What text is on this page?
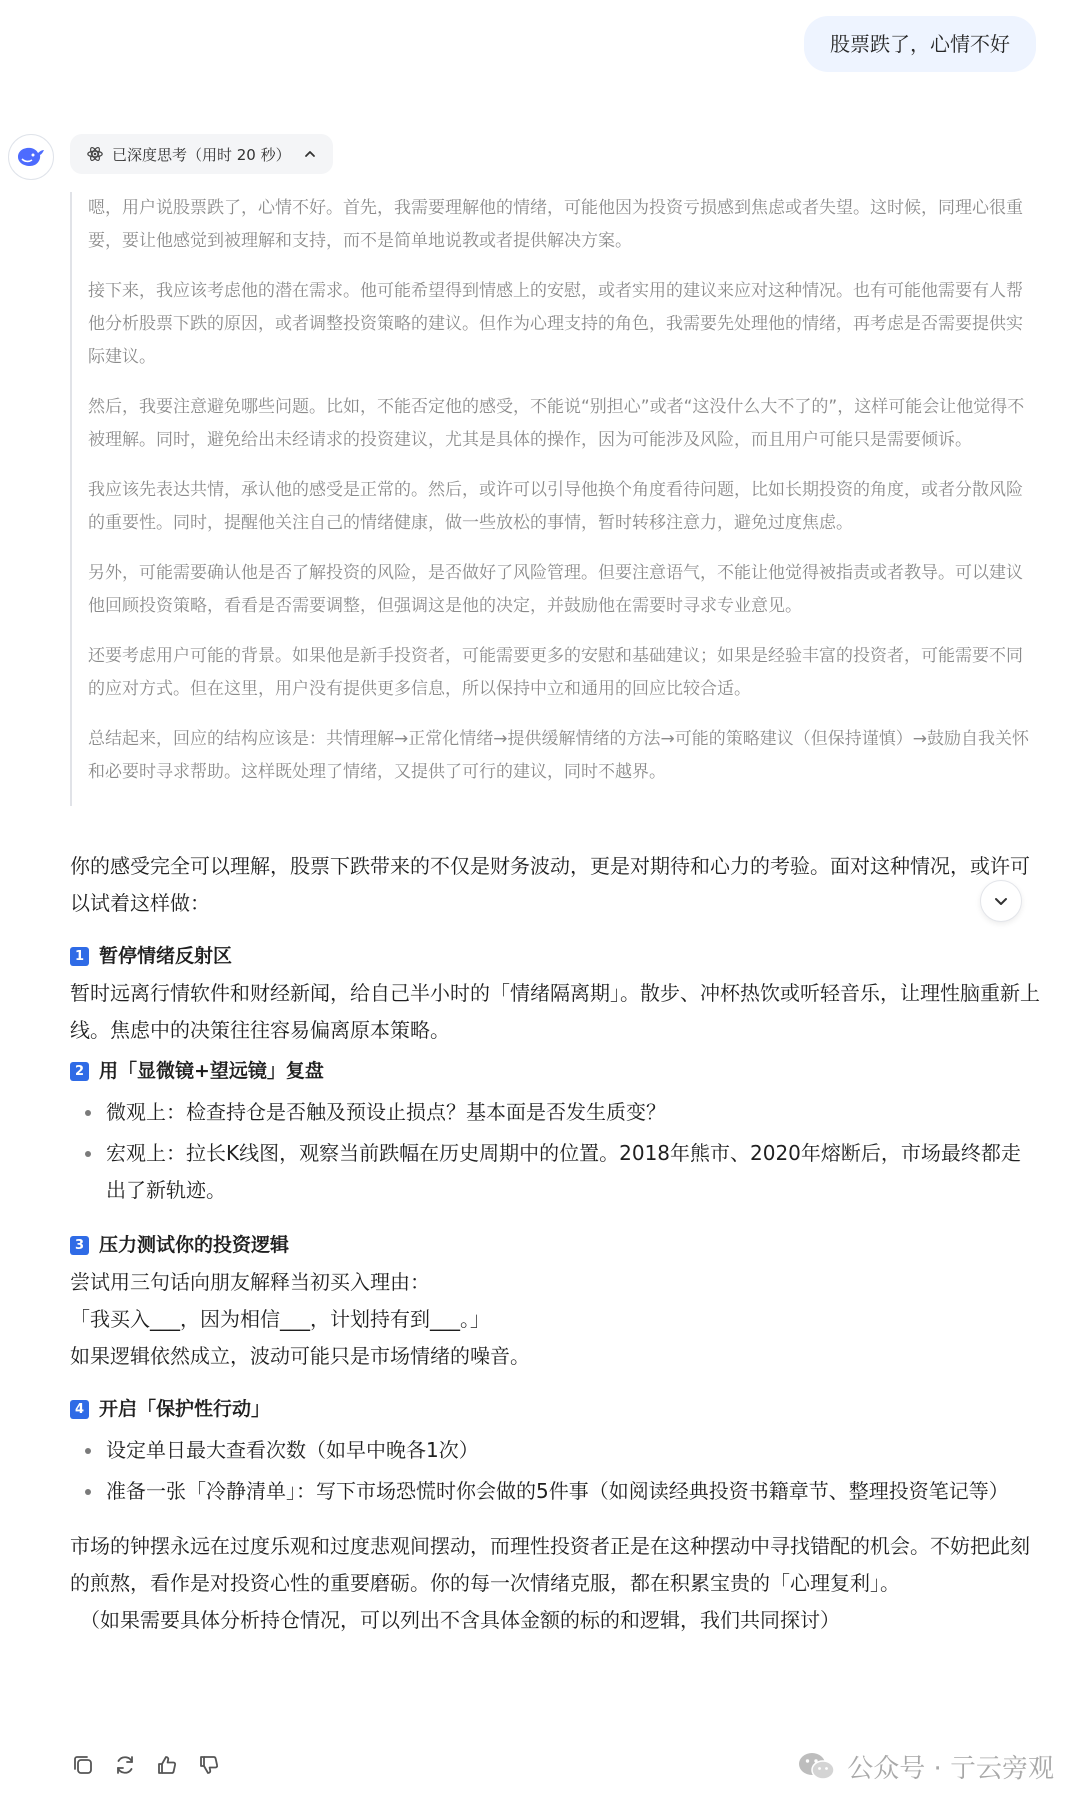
股票跌了，心情不好
已深度思考（用时 20 秒）

嗯，用户说股票跌了，心情不好。首先，我需要理解他的情绪，可能他因为投资亏损感到焦虑或者失望。这时候，同理心很重要，要让他感觉到被理解和支持，而不是简单地说教或者提供解决方案。

接下来，我应该考虑他的潜在需求。他可能希望得到情感上的安慰，或者实用的建议来应对这种情况。也有可能他需要有人帮他分析股票下跌的原因，或者调整投资策略的建议。但作为心理支持的角色，我需要先处理他的情绪，再考虑是否需要提供实际建议。

然后，我要注意避免哪些问题。比如，不能否定他的感受，不能说“别担心”或者“这没什么大不了的”，这样可能会让他觉得不被理解。同时，避免给出未经请求的投资建议，尤其是具体的操作，因为可能涉及风险，而且用户可能只是需要倾诉。

我应该先表达共情，承认他的感受是正常的。然后，或许可以引导他换个角度看待问题，比如长期投资的角度，或者分散风险的重要性。同时，提醒他关注自己的情绪健康，做一些放松的事情，暂时转移注意力，避免过度焦虑。

另外，可能需要确认他是否了解投资的风险，是否做好了风险管理。但要注意语气，不能让他觉得被指责或者教导。可以建议他回顾投资策略，看看是否需要调整，但强调这是他的决定，并鼓励他在需要时寻求专业意见。

还要考虑用户可能的背景。如果他是新手投资者，可能需要更多的安慰和基础建议；如果是经验丰富的投资者，可能需要不同的应对方式。但在这里，用户没有提供更多信息，所以保持中立和通用的回应比较合适。

总结起来，回应的结构应该是：共情理解→正常化情绪→提供缓解情绪的方法→可能的策略建议（但保持谨慎）→鼓励自我关怀和必要时寻求帮助。这样既处理了情绪，又提供了可行的建议，同时不越界。

你的感受完全可以理解，股票下跌带来的不仅是财务波动，更是对期待和心力的考验。面对这种情况，或许可以试着这样做：

1 暂停情绪反射区

暂时远离行情软件和财经新闻，给自己半小时的「情绪隔离期」。散步、冲杯热饮或听轻音乐，让理性脑重新上线。焦虑中的决策往往容易偏离原本策略。

2 用「显微镜+望远镜」复盘
微观上：检查持仓是否触及预设止损点？基本面是否发生质变？
宏观上：拉长K线图，观察当前跌幅在历史周期中的位置。2018年熊市、2020年熔断后，市场最终都走出了新轨迹。
3 压力测试你的投资逻辑

尝试用三句话向朋友解释当初买入理由：

「我买入___，因为相信___，计划持有到___。」

如果逻辑依然成立，波动可能只是市场情绪的噪音。

4 开启「保护性行动」
设定单日最大查看次数（如早中晚各1次）
准备一张「冷静清单」：写下市场恐慌时你会做的5件事（如阅读经典投资书籍章节、整理投资笔记等）

市场的钟摆永远在过度乐观和过度悲观间摆动，而理性投资者正是在这种摆动中寻找错配的机会。不妨把此刻的煎熬，看作是对投资心性的重要磨砺。你的每一次情绪克服，都在积累宝贵的「心理复利」。

（如果需要具体分析持仓情况，可以列出不含具体金额的标的和逻辑，我们共同探讨）

公众号 · 亍云旁观
